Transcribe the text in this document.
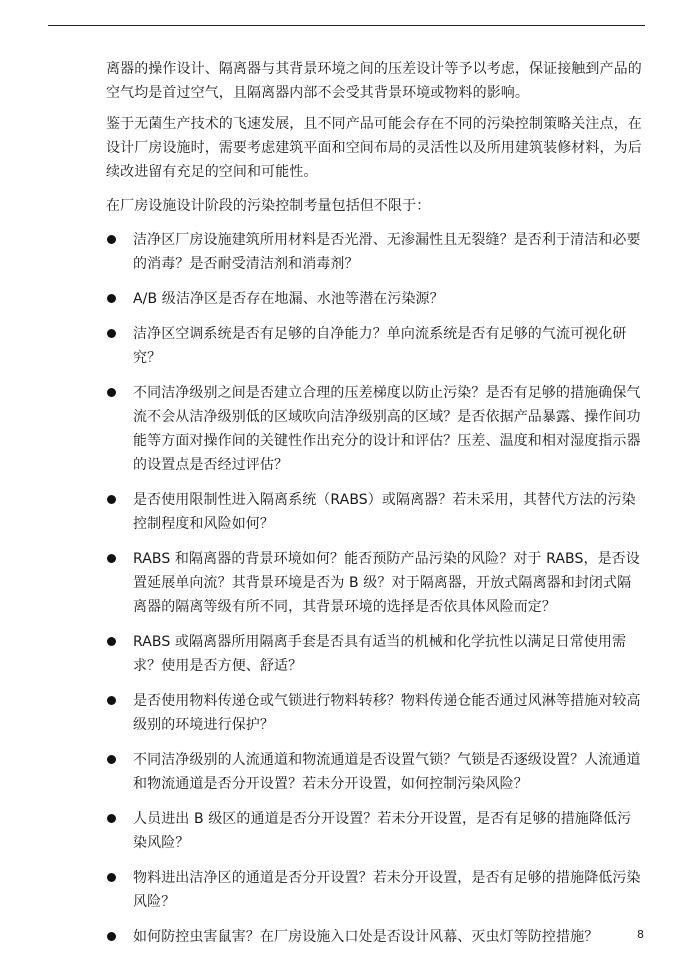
离器的操作设计、隔离器与其背景环境之间的压差设计等予以考虑，保证接触到产品的空气均是首过空气，且隔离器内部不会受其背景环境或物料的影响。

鉴于无菌生产技术的飞速发展，且不同产品可能会存在不同的污染控制策略关注点，在设计厂房设施时，需要考虑建筑平面和空间布局的灵活性以及所用建筑装修材料，为后续改进留有充足的空间和可能性。

在厂房设施设计阶段的污染控制考量包括但不限于：

洁净区厂房设施建筑所用材料是否光滑、无渗漏性且无裂缝？是否利于清洁和必要的消毒？是否耐受清洁剂和消毒剂？
A/B 级洁净区是否存在地漏、水池等潜在污染源？
洁净区空调系统是否有足够的自净能力？单向流系统是否有足够的气流可视化研究？
不同洁净级别之间是否建立合理的压差梯度以防止污染？是否有足够的措施确保气流不会从洁净级别低的区域吹向洁净级别高的区域？是否依据产品暴露、操作间功能等方面对操作间的关键性作出充分的设计和评估？压差、温度和相对湿度指示器的设置点是否经过评估？
是否使用限制性进入隔离系统（RABS）或隔离器？若未采用，其替代方法的污染控制程度和风险如何？
RABS 和隔离器的背景环境如何？能否预防产品污染的风险？对于 RABS，是否设置延展单向流？其背景环境是否为 B 级？对于隔离器，开放式隔离器和封闭式隔离器的隔离等级有所不同，其背景环境的选择是否依具体风险而定？
RABS 或隔离器所用隔离手套是否具有适当的机械和化学抗性以满足日常使用需求？使用是否方便、舒适？
是否使用物料传递仓或气锁进行物料转移？物料传递仓能否通过风淋等措施对较高级别的环境进行保护？
不同洁净级别的人流通道和物流通道是否设置气锁？气锁是否逐级设置？人流通道和物流通道是否分开设置？若未分开设置，如何控制污染风险？
人员进出 B 级区的通道是否分开设置？若未分开设置，是否有足够的措施降低污染风险？
物料进出洁净区的通道是否分开设置？若未分开设置，是否有足够的措施降低污染风险？
如何防控虫害鼠害？在厂房设施入口处是否设计风幕、灭虫灯等防控措施？	8
